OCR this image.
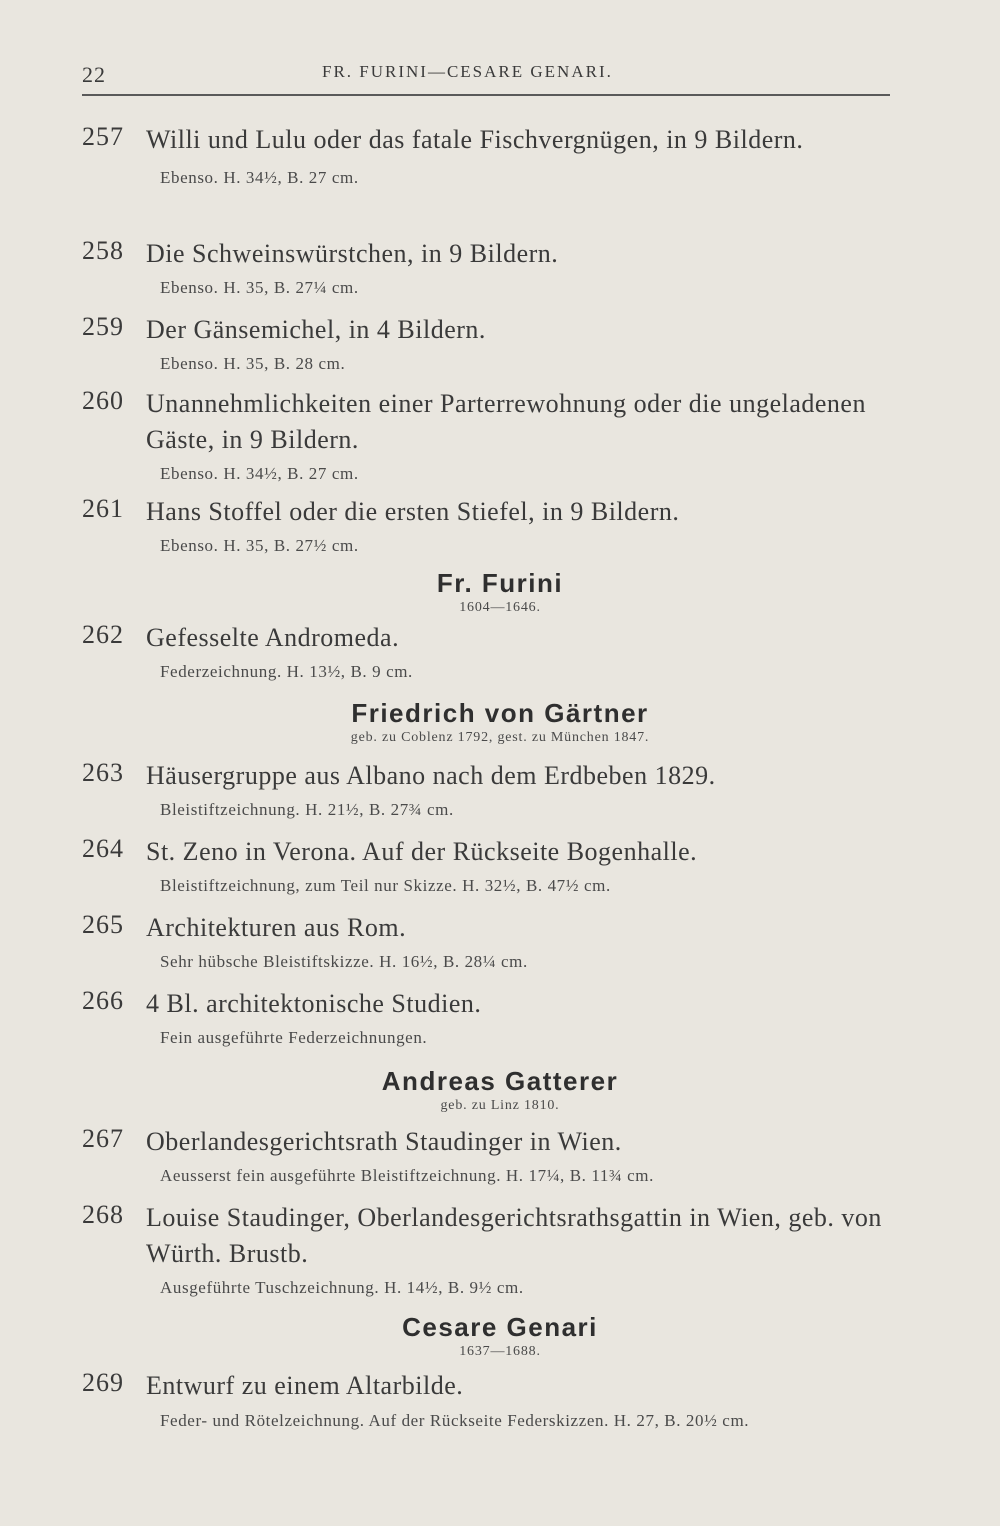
22	FR. FURINI—CESARE GENARI.
257 Willi und Lulu oder das fatale Fischvergnügen, in 9 Bildern.
Ebenso. H. 34½, B. 27 cm.
258 Die Schweinswürstchen, in 9 Bildern.
Ebenso. H. 35, B. 27¼ cm.
259 Der Gänsemichel, in 4 Bildern.
Ebenso. H. 35, B. 28 cm.
260 Unannehmlichkeiten einer Parterrewohnung oder die ungeladenen Gäste, in 9 Bildern.
Ebenso. H. 34½, B. 27 cm.
261 Hans Stoffel oder die ersten Stiefel, in 9 Bildern.
Ebenso. H. 35, B. 27½ cm.
Fr. Furini
1604—1646.
262 Gefesselte Andromeda.
Federzeichnung. H. 13½, B. 9 cm.
Friedrich von Gärtner
geb. zu Coblenz 1792, gest. zu München 1847.
263 Häusergruppe aus Albano nach dem Erdbeben 1829.
Bleistiftzeichnung. H. 21½, B. 27¾ cm.
264 St. Zeno in Verona. Auf der Rückseite Bogenhalle.
Bleistiftzeichnung, zum Teil nur Skizze. H. 32½, B. 47½ cm.
265 Architekturen aus Rom.
Sehr hübsche Bleistiftskizze. H. 16½, B. 28¼ cm.
266 4 Bl. architektonische Studien.
Fein ausgeführte Federzeichnungen.
Andreas Gatterer
geb. zu Linz 1810.
267 Oberlandesgerichtsrath Staudinger in Wien.
Aeusserst fein ausgeführte Bleistiftzeichnung. H. 17¼, B. 11¾ cm.
268 Louise Staudinger, Oberlandesgerichtsrathsgattin in Wien, geb. von Würth. Brustb.
Ausgeführte Tuschzeichnung. H. 14½, B. 9½ cm.
Cesare Genari
1637—1688.
269 Entwurf zu einem Altarbilde.
Feder- und Rötelzeichnung. Auf der Rückseite Federskizzen. H. 27, B. 20½ cm.
